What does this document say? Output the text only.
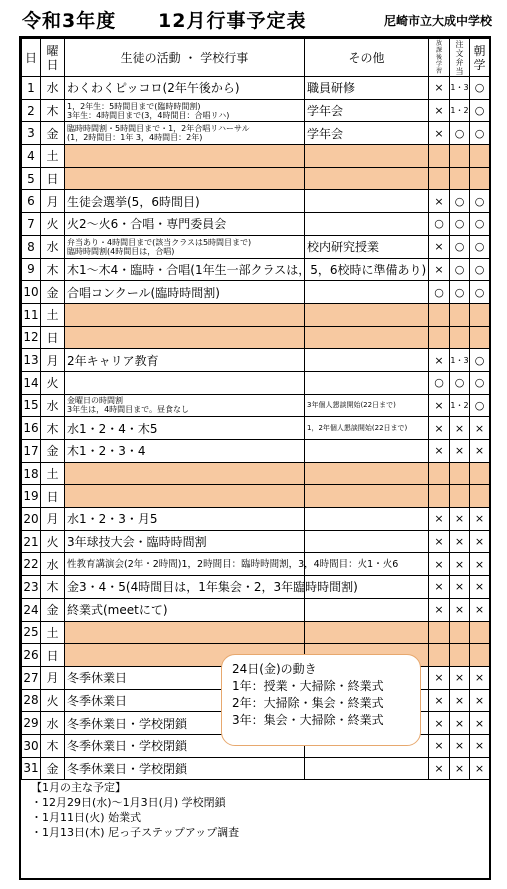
令和3年度 12月行事予定表	尼崎市立大成中学校
日	曜日	生徒の活動 ・ 学校行事	その他	放課後学習	注文弁当	朝学
1	水	わくわくピッコロ(2年午後から)	職員研修	×	1・3	○
2	木	1，2年生：5時間目まで(臨時時間割)
3年生：4時間目まで(3，4時間目：合唱リハ)	学年会	×	1・2	○
3	金	臨時時間割・5時間目まで・1，2年合唱リハーサル
(1，2時間目：1年 3，4時間目：2年)	学年会	×	○	○
4	土					
5	日					
6	月	生徒会選挙(5，6時間目)		×	○	○
7	火	火2～火6・合唱・専門委員会		○	○	○
8	水	弁当あり・4時間目まで(該当クラスは5時間目まで)
臨時時間割(4時間目は，合唱)	校内研究授業	×	○	○
9	木	木1～木4・臨時・合唱(1年生一部クラスは，5，6校時に準備あり)		×	○	○
10	金	合唱コンクール(臨時時間割)		○	○	○
11	土					
12	日					
13	月	2年キャリア教育		×	1・3	○
14	火			○	○	○
15	水	金曜日の時間割
3年生は，4時間目まで。昼食なし	3年個人懇談開始(22日まで)	×	1・2	○
16	木	水1・2・4・木5	1，2年個人懇談開始(22日まで)	×	×	×
17	金	木1・2・3・4		×	×	×
18	土					
19	日					
20	月	水1・2・3・月5		×	×	×
21	火	3年球技大会・臨時時間割		×	×	×
22	水	性教育講演会(2年・2時間)1，2時間目：臨時時間割，3，4時間目：火1・火6		×	×	×
23	木	金3・4・5(4時間目は，1年集会・2，3年臨時時間割)		×	×	×
24	金	終業式(meetにて)		×	×	×
25	土					
26	日					
27	月	冬季休業日		×	×	×
28	火	冬季休業日		×	×	×
29	水	冬季休業日・学校閉鎖		×	×	×
30	木	冬季休業日・学校閉鎖		×	×	×
31	金	冬季休業日・学校閉鎖		×	×	×
24日(金)の動き
1年：授業・大掃除・終業式
2年：大掃除・集会・終業式
3年：集会・大掃除・終業式
【1月の主な予定】
・12月29日(水)～1月3日(月) 学校閉鎖
・1月11日(火) 始業式
・1月13日(木) 尼っ子ステップアップ調査
